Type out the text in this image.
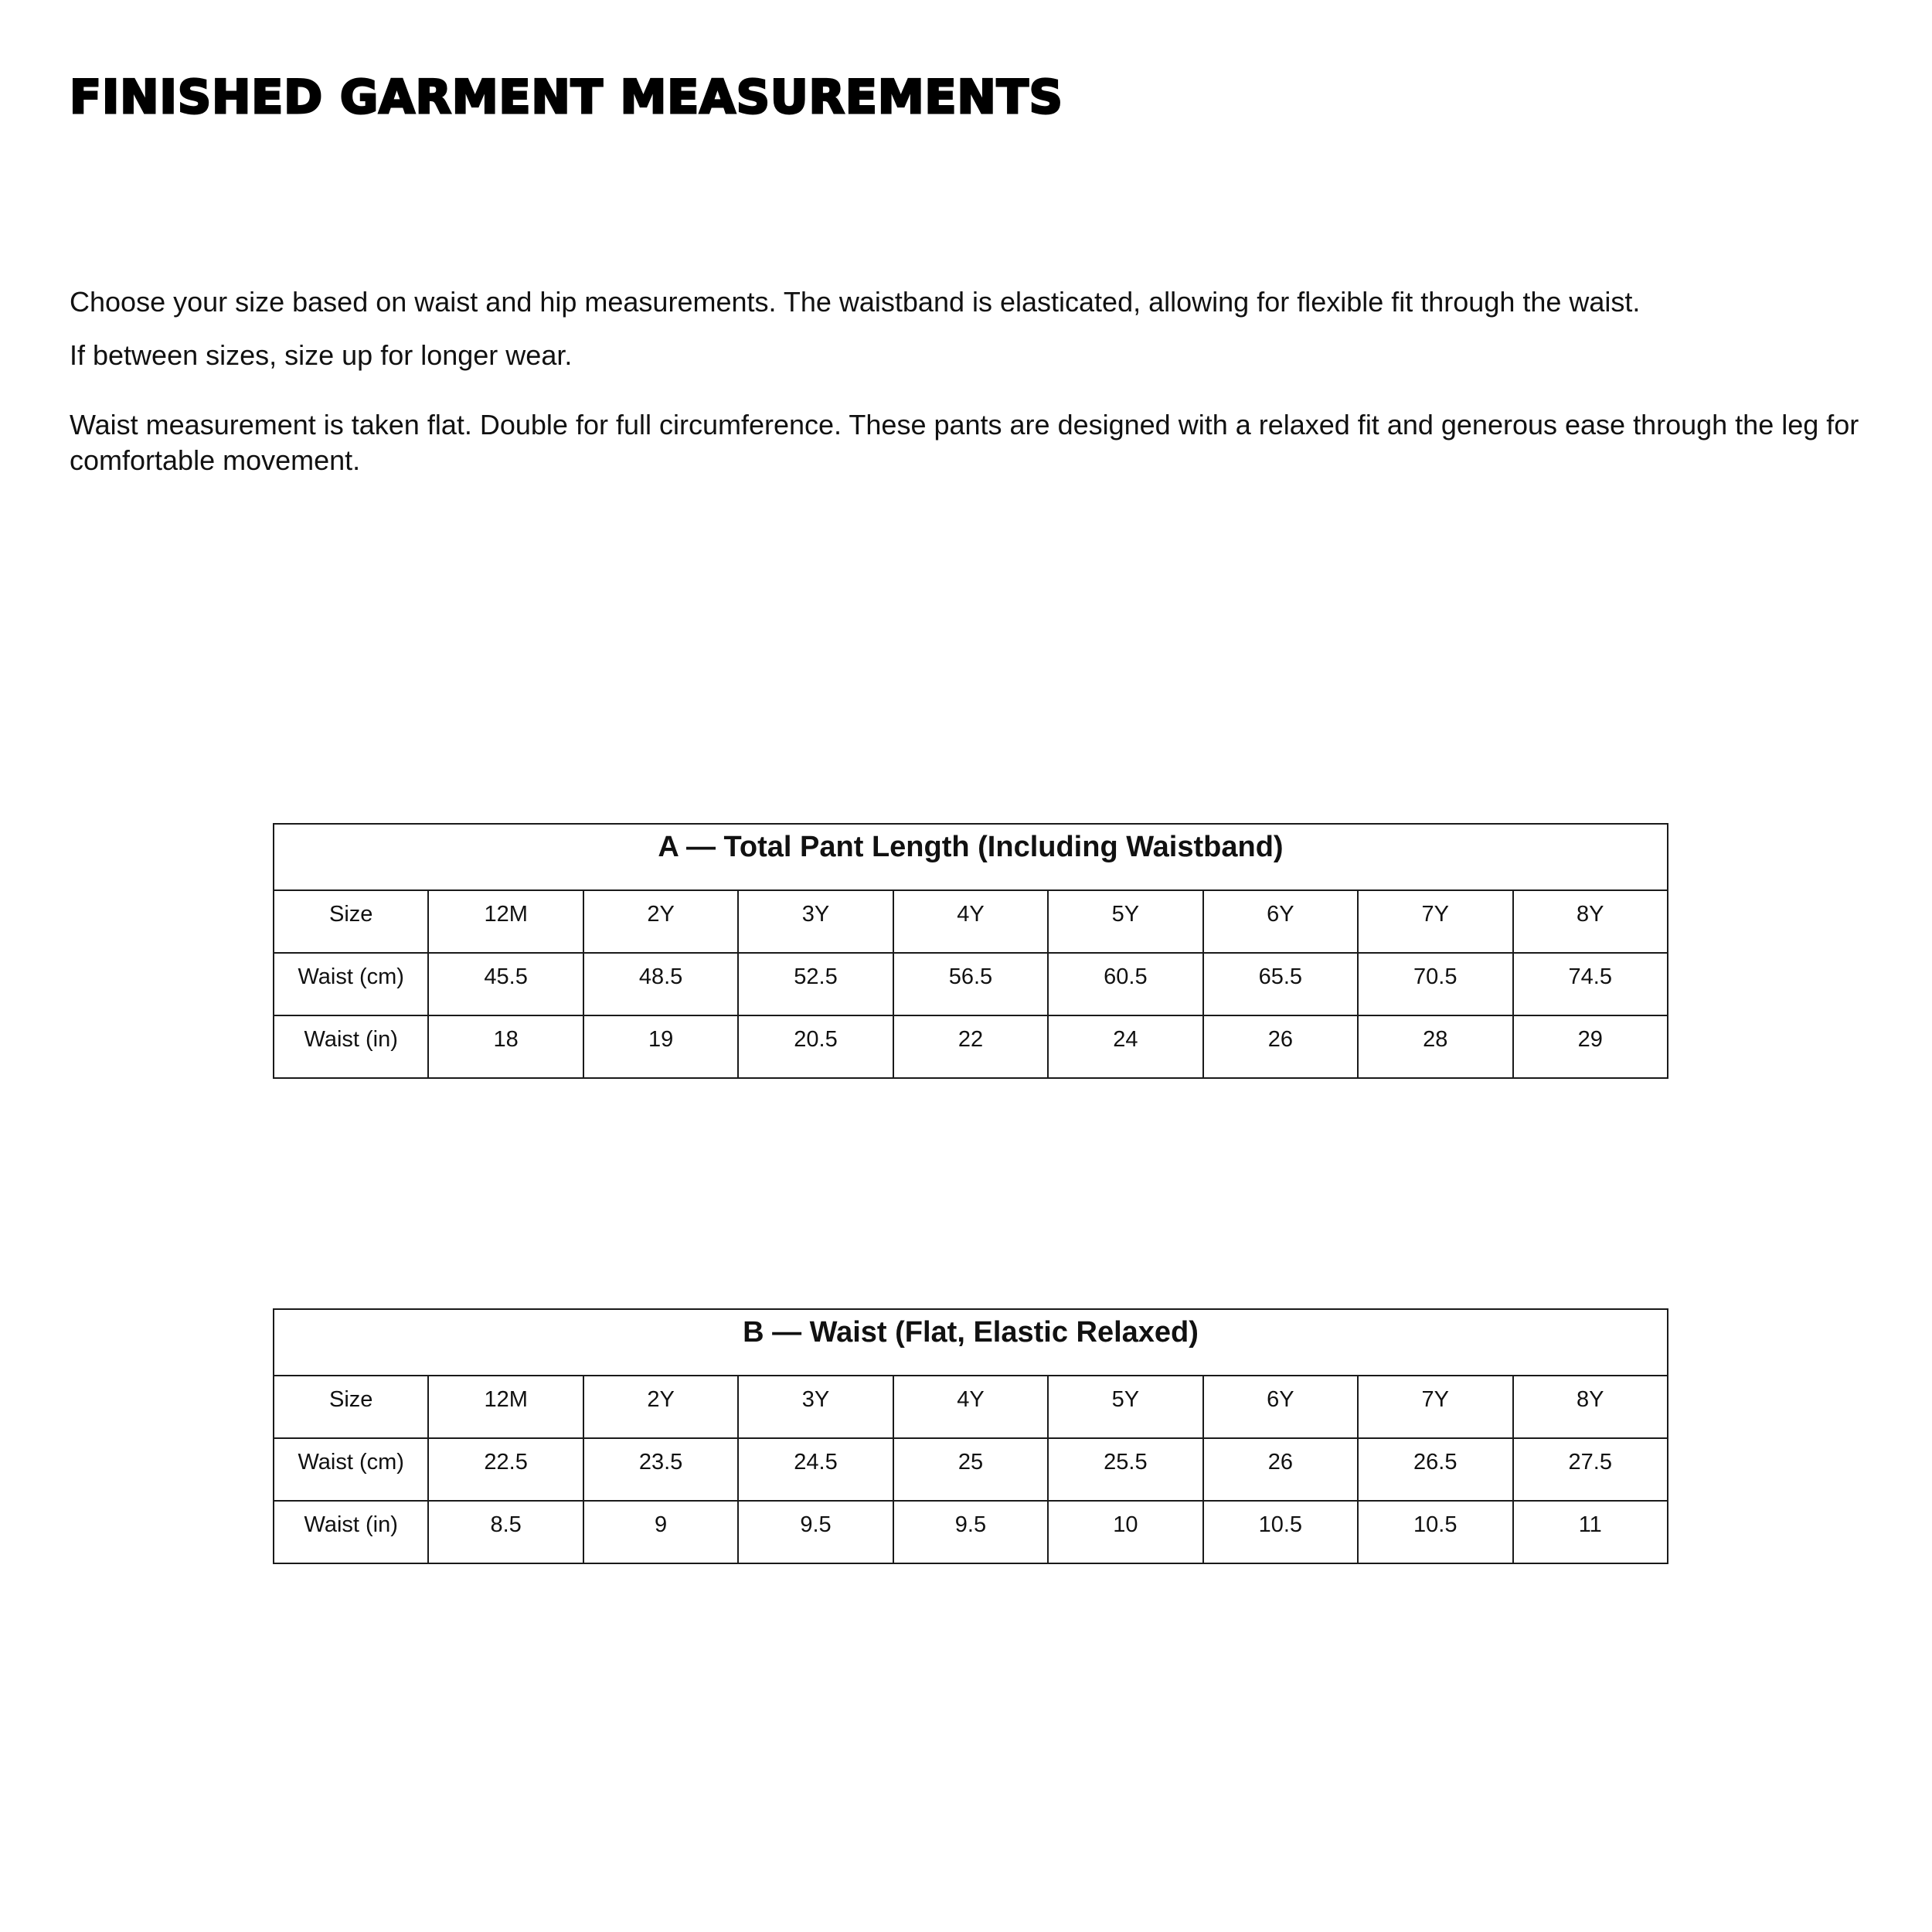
FINISHED GARMENT MEASUREMENTS

Choose your size based on waist and hip measurements. The waistband is elasticated, allowing for flexible fit through the waist.

If between sizes, size up for longer wear.

Waist measurement is taken flat. Double for full circumference. These pants are designed with a relaxed fit and generous ease through the leg for comfortable movement.

A — Total Pant Length (Including Waistband)								
Size	12M	2Y	3Y	4Y	5Y	6Y	7Y	8Y
Waist (cm)	45.5	48.5	52.5	56.5	60.5	65.5	70.5	74.5
Waist (in)	18	19	20.5	22	24	26	28	29
B — Waist (Flat, Elastic Relaxed)								
Size	12M	2Y	3Y	4Y	5Y	6Y	7Y	8Y
Waist (cm)	22.5	23.5	24.5	25	25.5	26	26.5	27.5
Waist (in)	8.5	9	9.5	9.5	10	10.5	10.5	11
